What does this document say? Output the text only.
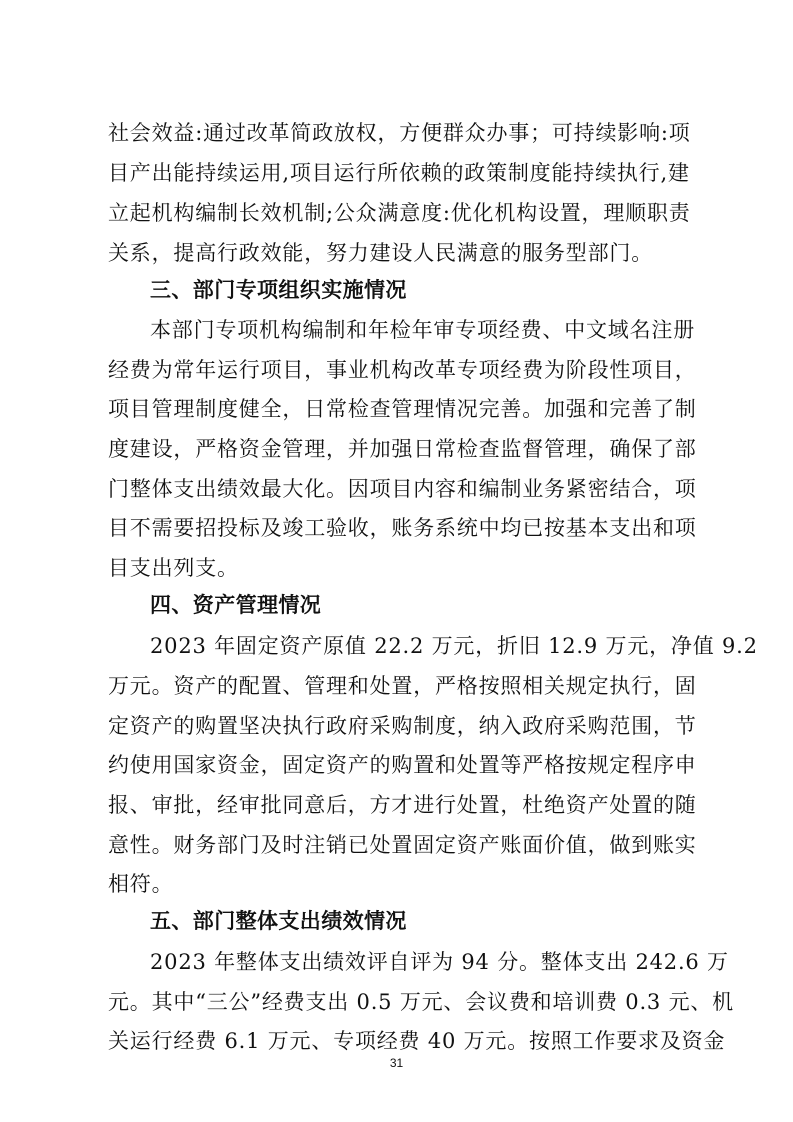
社会效益:通过改革简政放权，方便群众办事；可持续影响:项
目产出能持续运用,项目运行所依赖的政策制度能持续执行,建
立起机构编制长效机制;公众满意度:优化机构设置，理顺职责
关系，提高行政效能，努力建设人民满意的服务型部门。
三、部门专项组织实施情况
本部门专项机构编制和年检年审专项经费、中文域名注册
经费为常年运行项目，事业机构改革专项经费为阶段性项目，
项目管理制度健全，日常检查管理情况完善。加强和完善了制
度建设，严格资金管理，并加强日常检查监督管理，确保了部
门整体支出绩效最大化。因项目内容和编制业务紧密结合，项
目不需要招投标及竣工验收，账务系统中均已按基本支出和项
目支出列支。
四、资产管理情况
2023 年固定资产原值 22.2 万元，折旧 12.9 万元，净值 9.2
万元。资产的配置、管理和处置，严格按照相关规定执行，固
定资产的购置坚决执行政府采购制度，纳入政府采购范围，节
约使用国家资金，固定资产的购置和处置等严格按规定程序申
报、审批，经审批同意后，方才进行处置，杜绝资产处置的随
意性。财务部门及时注销已处置固定资产账面价值，做到账实
相符。
五、部门整体支出绩效情况
2023 年整体支出绩效评自评为 94 分。整体支出 242.6 万
元。其中“三公”经费支出 0.5 万元、会议费和培训费 0.3 元、机
关运行经费 6.1 万元、专项经费 40 万元。按照工作要求及资金
31
